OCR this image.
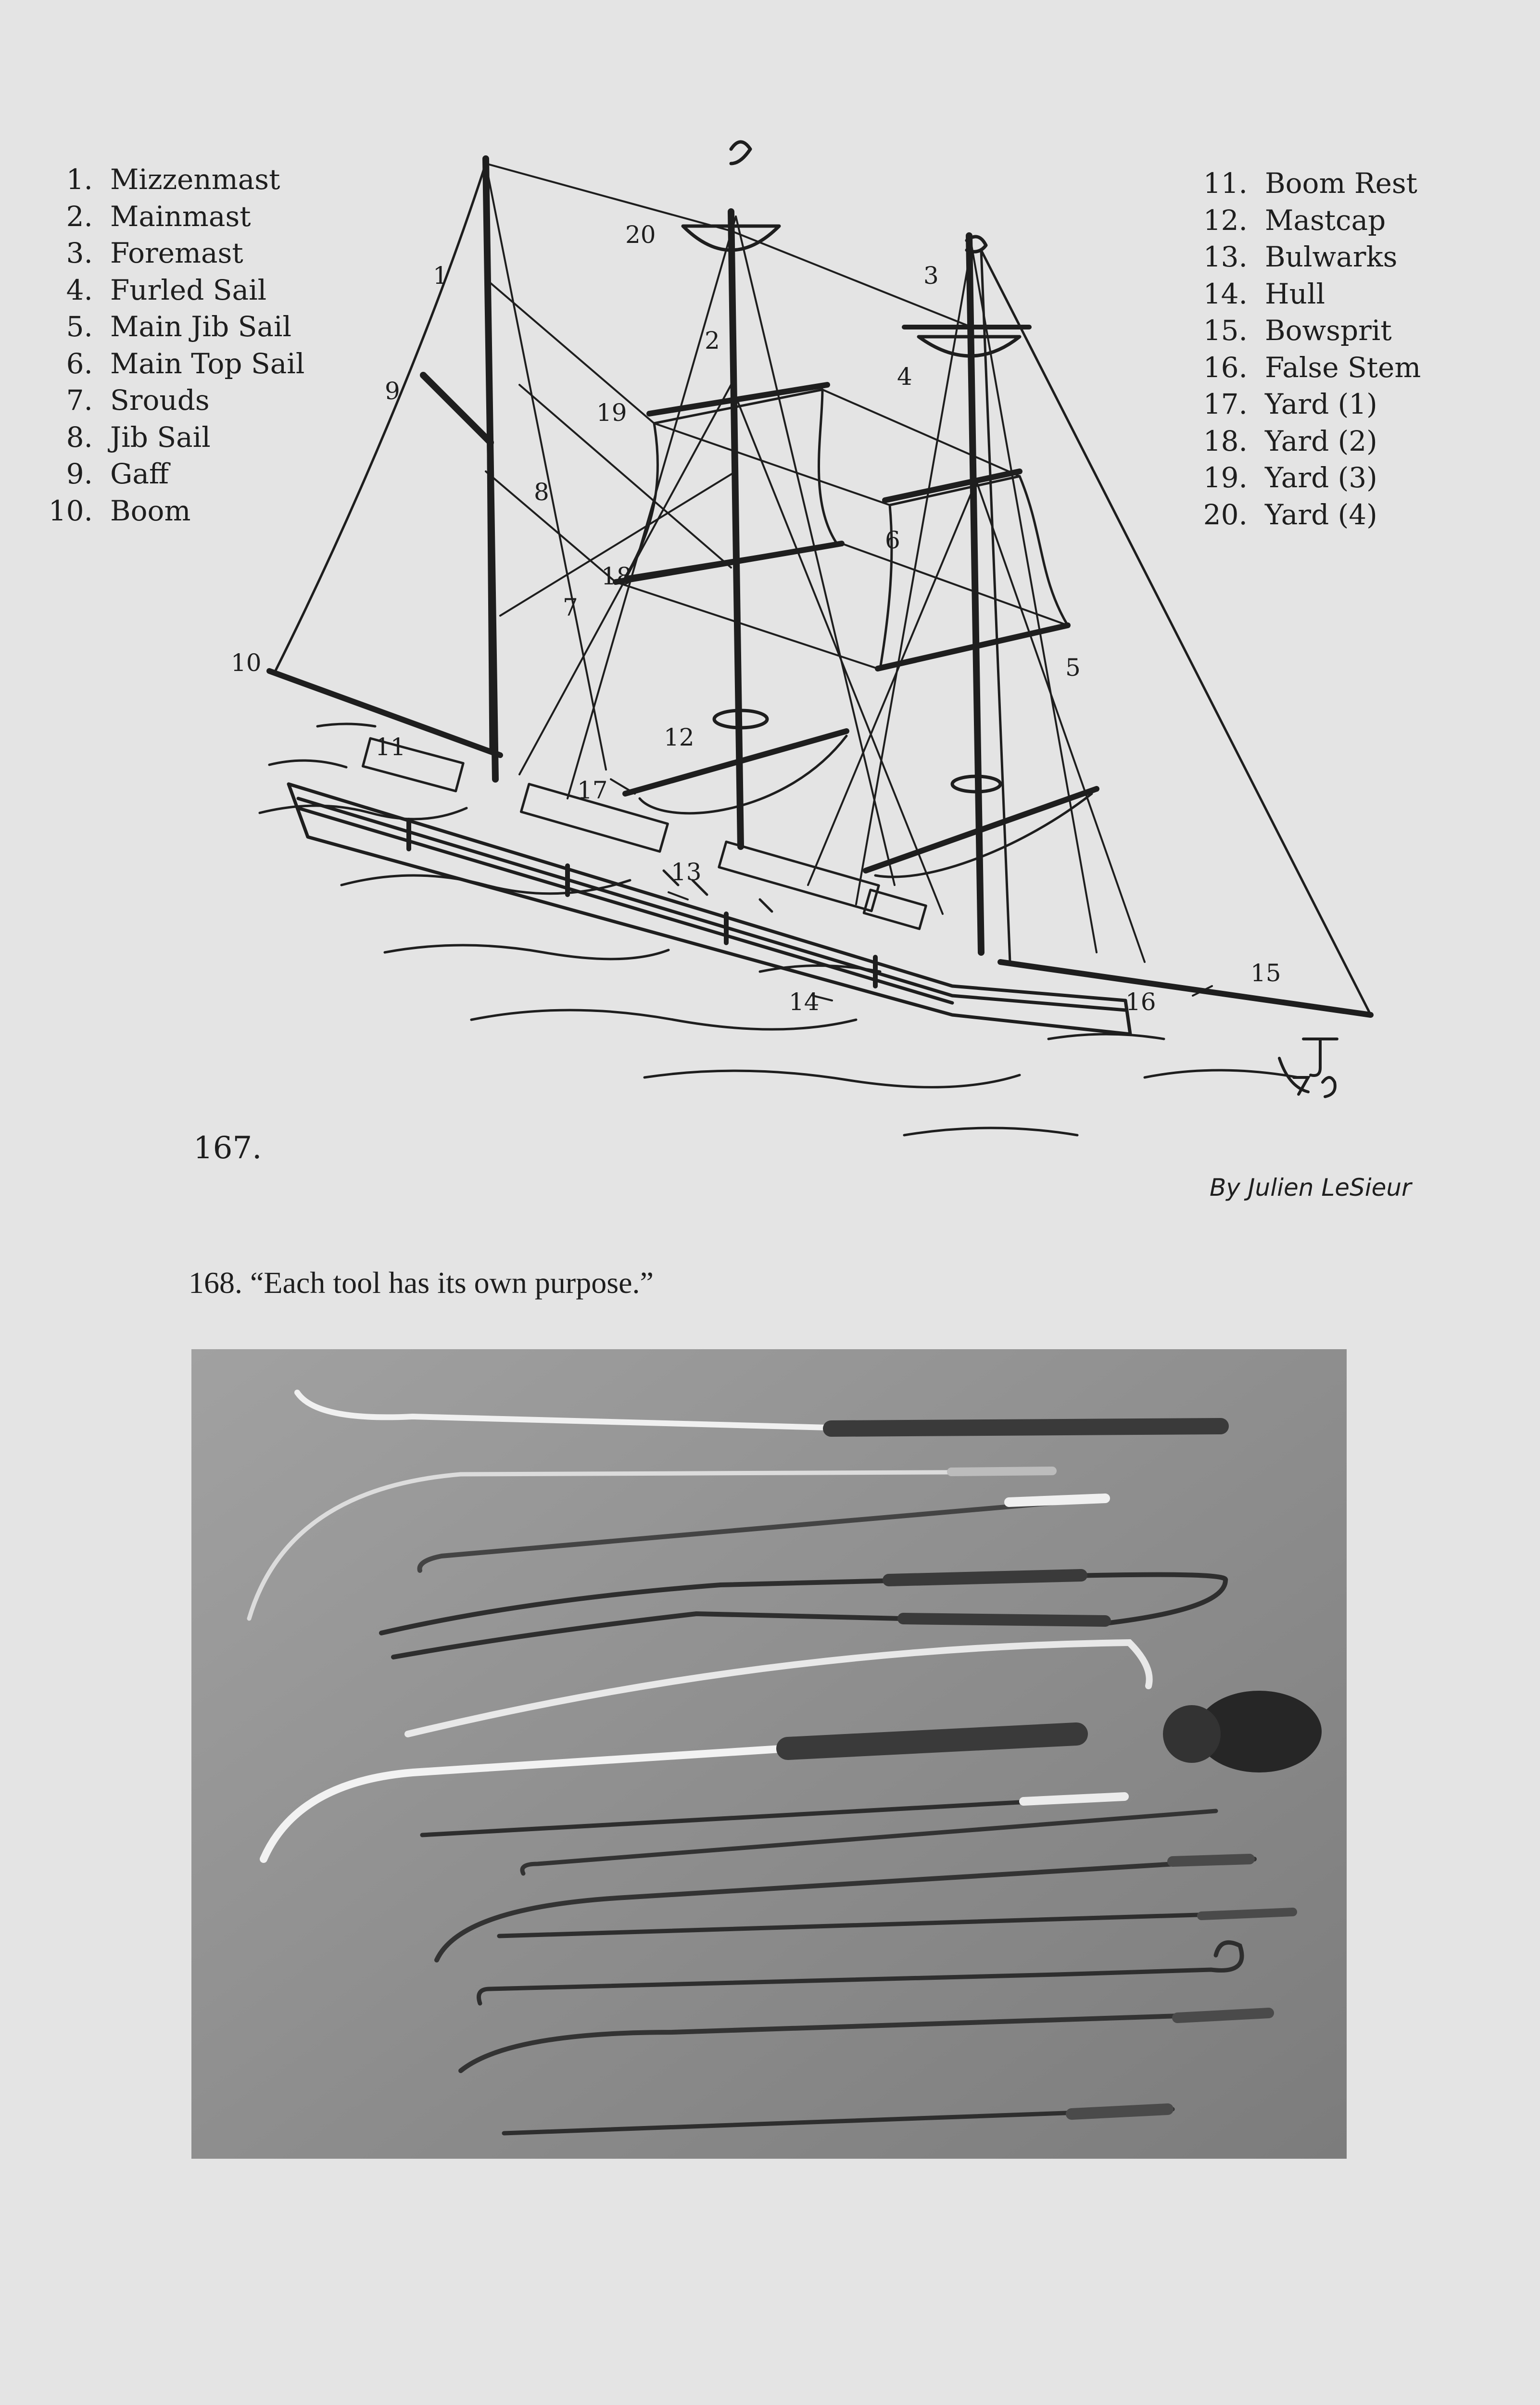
1. Mizzenmast
2. Mainmast
3. Foremast
4. Furled Sail
5. Main Jib Sail
6. Main Top Sail
7. Srouds
8. Jib Sail
9. Gaff
10. Boom
11. Boom Rest
12. Mastcap
13. Bulwarks
14. Hull
15. Bowsprit
16. False Stem
17. Yard (1)
18. Yard (2)
19. Yard (3)
20. Yard (4)
1
2
3
4
5
6
7
8
9
10
11	12
13
14
15
16
17
18
19
20
167.
By Julien LeSieur
168. “Each tool has its own purpose.”
